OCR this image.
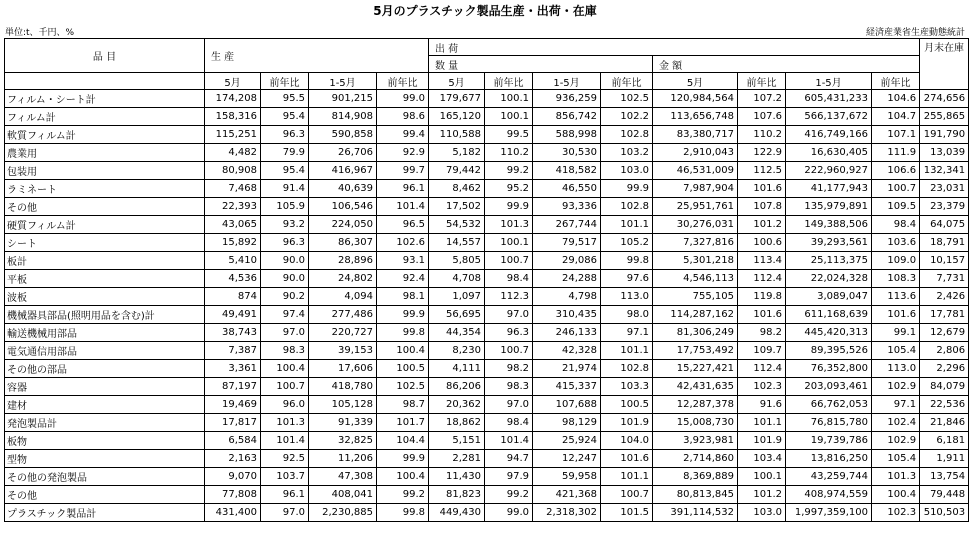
5月のプラスチック製品生産・出荷・在庫
単位:t、千円、%	経済産業省生産動態統計
品 目	生 産				出 荷								月末在庫
					数 量				金 額				
	5月	前年比	1-5月	前年比	5月	前年比	1-5月	前年比	5月	前年比	1-5月	前年比	
フィルム・シート計	174,208	95.5	901,215	99.0	179,677	100.1	936,259	102.5	120,984,564	107.2	605,431,233	104.6	274,656
フィルム計	158,316	95.4	814,908	98.6	165,120	100.1	856,742	102.2	113,656,748	107.6	566,137,672	104.7	255,865
軟質フィルム計	115,251	96.3	590,858	99.4	110,588	99.5	588,998	102.8	83,380,717	110.2	416,749,166	107.1	191,790
農業用	4,482	79.9	26,706	92.9	5,182	110.2	30,530	103.2	2,910,043	122.9	16,630,405	111.9	13,039
包装用	80,908	95.4	416,967	99.7	79,442	99.2	418,582	103.0	46,531,009	112.5	222,960,927	106.6	132,341
ラミネート	7,468	91.4	40,639	96.1	8,462	95.2	46,550	99.9	7,987,904	101.6	41,177,943	100.7	23,031
その他	22,393	105.9	106,546	101.4	17,502	99.9	93,336	102.8	25,951,761	107.8	135,979,891	109.5	23,379
硬質フィルム計	43,065	93.2	224,050	96.5	54,532	101.3	267,744	101.1	30,276,031	101.2	149,388,506	98.4	64,075
シート	15,892	96.3	86,307	102.6	14,557	100.1	79,517	105.2	7,327,816	100.6	39,293,561	103.6	18,791
板計	5,410	90.0	28,896	93.1	5,805	100.7	29,086	99.8	5,301,218	113.4	25,113,375	109.0	10,157
平板	4,536	90.0	24,802	92.4	4,708	98.4	24,288	97.6	4,546,113	112.4	22,024,328	108.3	7,731
波板	874	90.2	4,094	98.1	1,097	112.3	4,798	113.0	755,105	119.8	3,089,047	113.6	2,426
機械器具部品(照明用品を含む)計	49,491	97.4	277,486	99.9	56,695	97.0	310,435	98.0	114,287,162	101.6	611,168,639	101.6	17,781
輸送機械用部品	38,743	97.0	220,727	99.8	44,354	96.3	246,133	97.1	81,306,249	98.2	445,420,313	99.1	12,679
電気通信用部品	7,387	98.3	39,153	100.4	8,230	100.7	42,328	101.1	17,753,492	109.7	89,395,526	105.4	2,806
その他の部品	3,361	100.4	17,606	100.5	4,111	98.2	21,974	102.8	15,227,421	112.4	76,352,800	113.0	2,296
容器	87,197	100.7	418,780	102.5	86,206	98.3	415,337	103.3	42,431,635	102.3	203,093,461	102.9	84,079
建材	19,469	96.0	105,128	98.7	20,362	97.0	107,688	100.5	12,287,378	91.6	66,762,053	97.1	22,536
発泡製品計	17,817	101.3	91,339	101.7	18,862	98.4	98,129	101.9	15,008,730	101.1	76,815,780	102.4	21,846
板物	6,584	101.4	32,825	104.4	5,151	101.4	25,924	104.0	3,923,981	101.9	19,739,786	102.9	6,181
型物	2,163	92.5	11,206	99.9	2,281	94.7	12,247	101.6	2,714,860	103.4	13,816,250	105.4	1,911
その他の発泡製品	9,070	103.7	47,308	100.4	11,430	97.9	59,958	101.1	8,369,889	100.1	43,259,744	101.3	13,754
その他	77,808	96.1	408,041	99.2	81,823	99.2	421,368	100.7	80,813,845	101.2	408,974,559	100.4	79,448
プラスチック製品計	431,400	97.0	2,230,885	99.8	449,430	99.0	2,318,302	101.5	391,114,532	103.0	1,997,359,100	102.3	510,503
